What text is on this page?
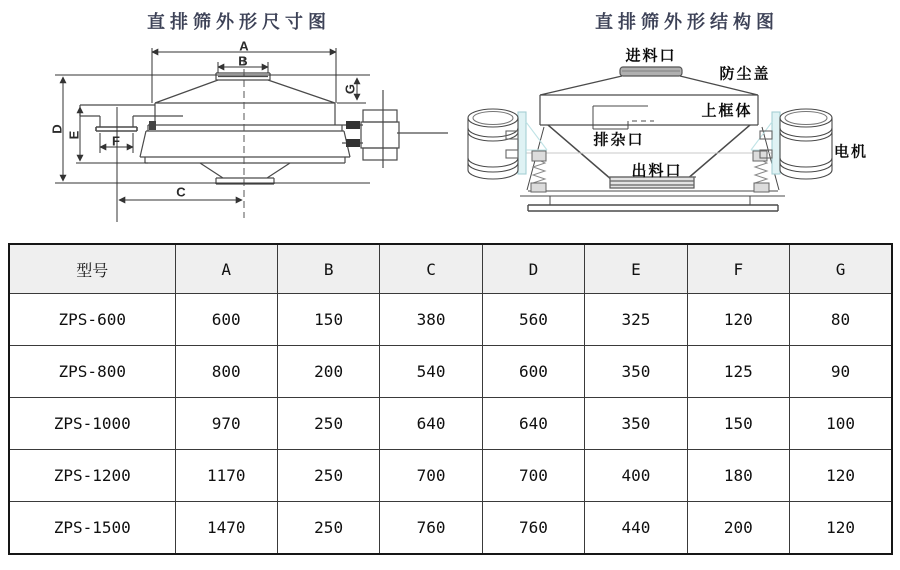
直排筛外形尺寸图	直排筛外形结构图
A
B
C
D
E F
G
进料口
防尘盖
上框体
排杂口
出料口
电机
型号	A	B	C	D	E	F	G
ZPS-600	600	150	380	560	325	120	80
ZPS-800	800	200	540	600	350	125	90
ZPS-1000	970	250	640	640	350	150	100
ZPS-1200	1170	250	700	700	400	180	120
ZPS-1500	1470	250	760	760	440	200	120
